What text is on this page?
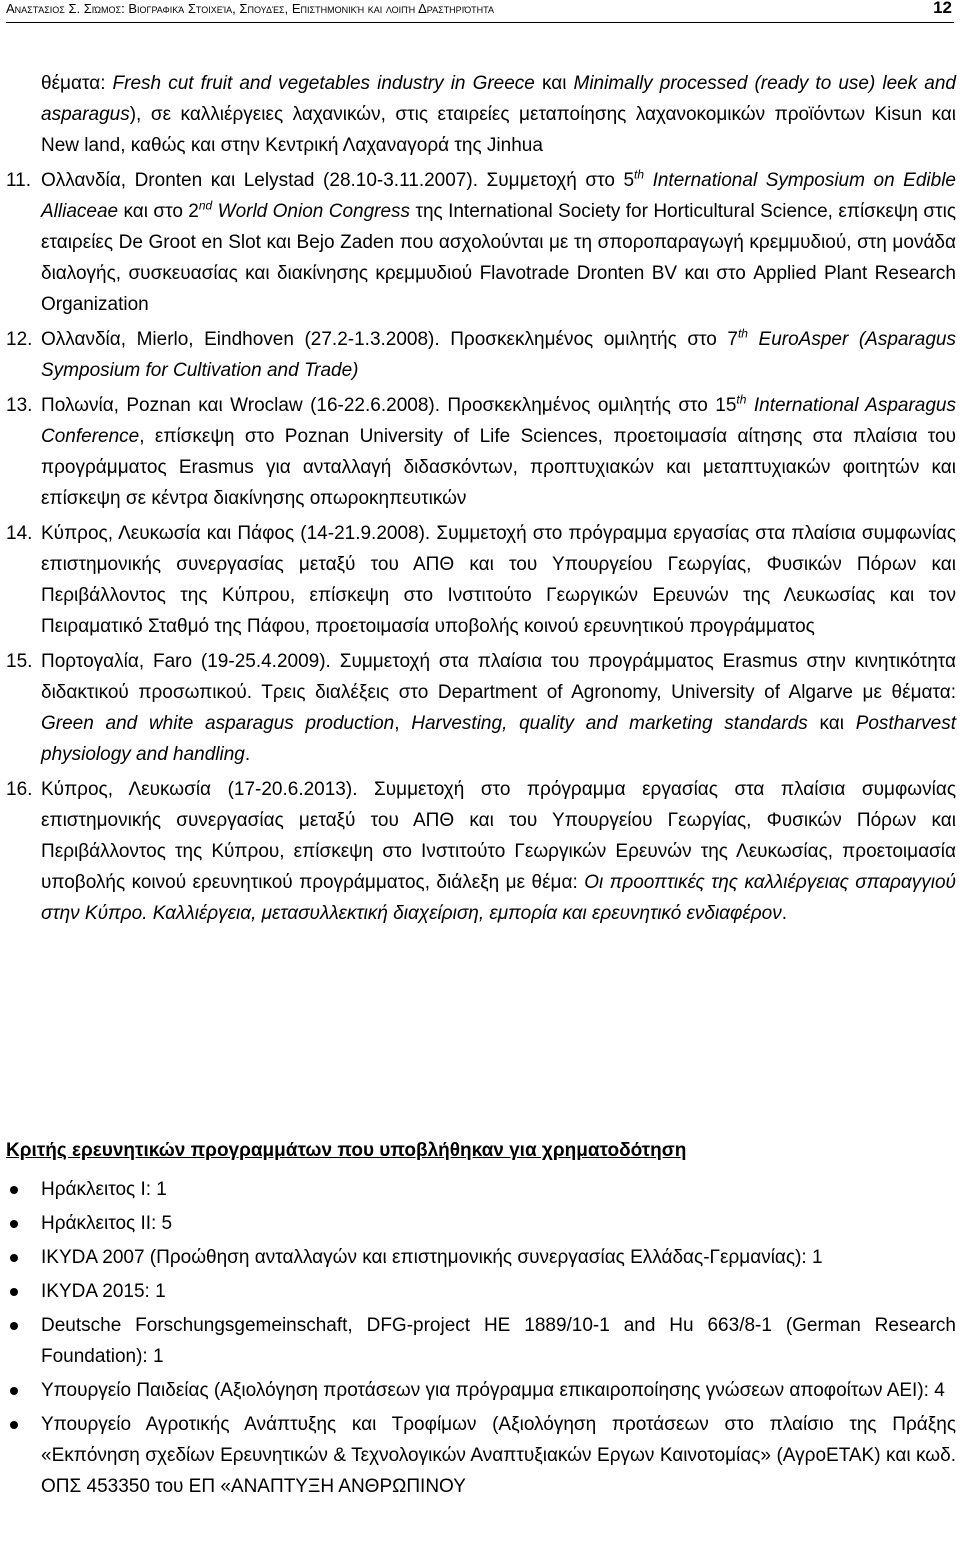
Αναστάσιος Σ. Σιώμος: Βιογραφικά Στοιχεία, Σπουδές, Επιστημονική και λοιπή Δραστηριότητα	12

θέματα: Fresh cut fruit and vegetables industry in Greece και Minimally processed (ready to use) leek and asparagus), σε καλλιέργειες λαχανικών, στις εταιρείες μεταποίησης λαχανοκομικών προϊόντων Kisun και New land, καθώς και στην Κεντρική Λαχαναγορά της Jinhua

11. Ολλανδία, Dronten και Lelystad (28.10-3.11.2007). Συμμετοχή στο 5th International Symposium on Edible Alliaceae και στο 2nd World Onion Congress της International Society for Horticultural Science, επίσκεψη στις εταιρείες De Groot en Slot και Bejo Zaden που ασχολούνται με τη σποροπαραγωγή κρεμμυδιού, στη μονάδα διαλογής, συσκευασίας και διακίνησης κρεμμυδιού Flavotrade Dronten BV και στο Applied Plant Research Organization

12. Ολλανδία, Mierlo, Eindhoven (27.2-1.3.2008). Προσκεκλημένος ομιλητής στο 7th EuroAsper (Asparagus Symposium for Cultivation and Trade)

13. Πολωνία, Poznan και Wroclaw (16-22.6.2008). Προσκεκλημένος ομιλητής στο 15th International Asparagus Conference, επίσκεψη στο Poznan University of Life Sciences, προετοιμασία αίτησης στα πλαίσια του προγράμματος Erasmus για ανταλλαγή διδασκόντων, προπτυχιακών και μεταπτυχιακών φοιτητών και επίσκεψη σε κέντρα διακίνησης οπωροκηπευτικών

14. Κύπρος, Λευκωσία και Πάφος (14-21.9.2008). Συμμετοχή στο πρόγραμμα εργασίας στα πλαίσια συμφωνίας επιστημονικής συνεργασίας μεταξύ του ΑΠΘ και του Υπουργείου Γεωργίας, Φυσικών Πόρων και Περιβάλλοντος της Κύπρου, επίσκεψη στο Ινστιτούτο Γεωργικών Ερευνών της Λευκωσίας και τον Πειραματικό Σταθμό της Πάφου, προετοιμασία υποβολής κοινού ερευνητικού προγράμματος

15. Πορτογαλία, Faro (19-25.4.2009). Συμμετοχή στα πλαίσια του προγράμματος Erasmus στην κινητικότητα διδακτικού προσωπικού. Τρεις διαλέξεις στο Department of Agronomy, University of Algarve με θέματα: Green and white asparagus production, Harvesting, quality and marketing standards και Postharvest physiology and handling.

16. Κύπρος, Λευκωσία (17-20.6.2013). Συμμετοχή στο πρόγραμμα εργασίας στα πλαίσια συμφωνίας επιστημονικής συνεργασίας μεταξύ του ΑΠΘ και του Υπουργείου Γεωργίας, Φυσικών Πόρων και Περιβάλλοντος της Κύπρου, επίσκεψη στο Ινστιτούτο Γεωργικών Ερευνών της Λευκωσίας, προετοιμασία υποβολής κοινού ερευνητικού προγράμματος, διάλεξη με θέμα: Οι προοπτικές της καλλιέργειας σπαραγγιού στην Κύπρο. Καλλιέργεια, μετασυλλεκτική διαχείριση, εμπορία και ερευνητικό ενδιαφέρον.

Κριτής ερευνητικών προγραμμάτων που υποβλήθηκαν για χρηματοδότηση

Ηράκλειτος Ι: 1

Ηράκλειτος ΙΙ: 5

ΙΚΥDA 2007 (Προώθηση ανταλλαγών και επιστημονικής συνεργασίας Ελλάδας-Γερμανίας): 1

IKYDA 2015: 1

Deutsche Forschungsgemeinschaft, DFG-project HE 1889/10-1 and Hu 663/8-1 (German Research Foundation): 1

Υπουργείο Παιδείας (Αξιολόγηση προτάσεων για πρόγραμμα επικαιροποίησης γνώσεων αποφοίτων ΑΕΙ): 4

Υπουργείο Αγροτικής Ανάπτυξης και Τροφίμων (Αξιολόγηση προτάσεων στο πλαίσιο της Πράξης «Εκπόνηση σχεδίων Ερευνητικών & Τεχνολογικών Αναπτυξιακών Εργων Καινοτομίας» (ΑγροΕΤΑΚ) και κωδ. ΟΠΣ 453350 του ΕΠ «ΑΝΑΠΤΥΞΗ ΑΝΘΡΩΠΙΝΟΥ
